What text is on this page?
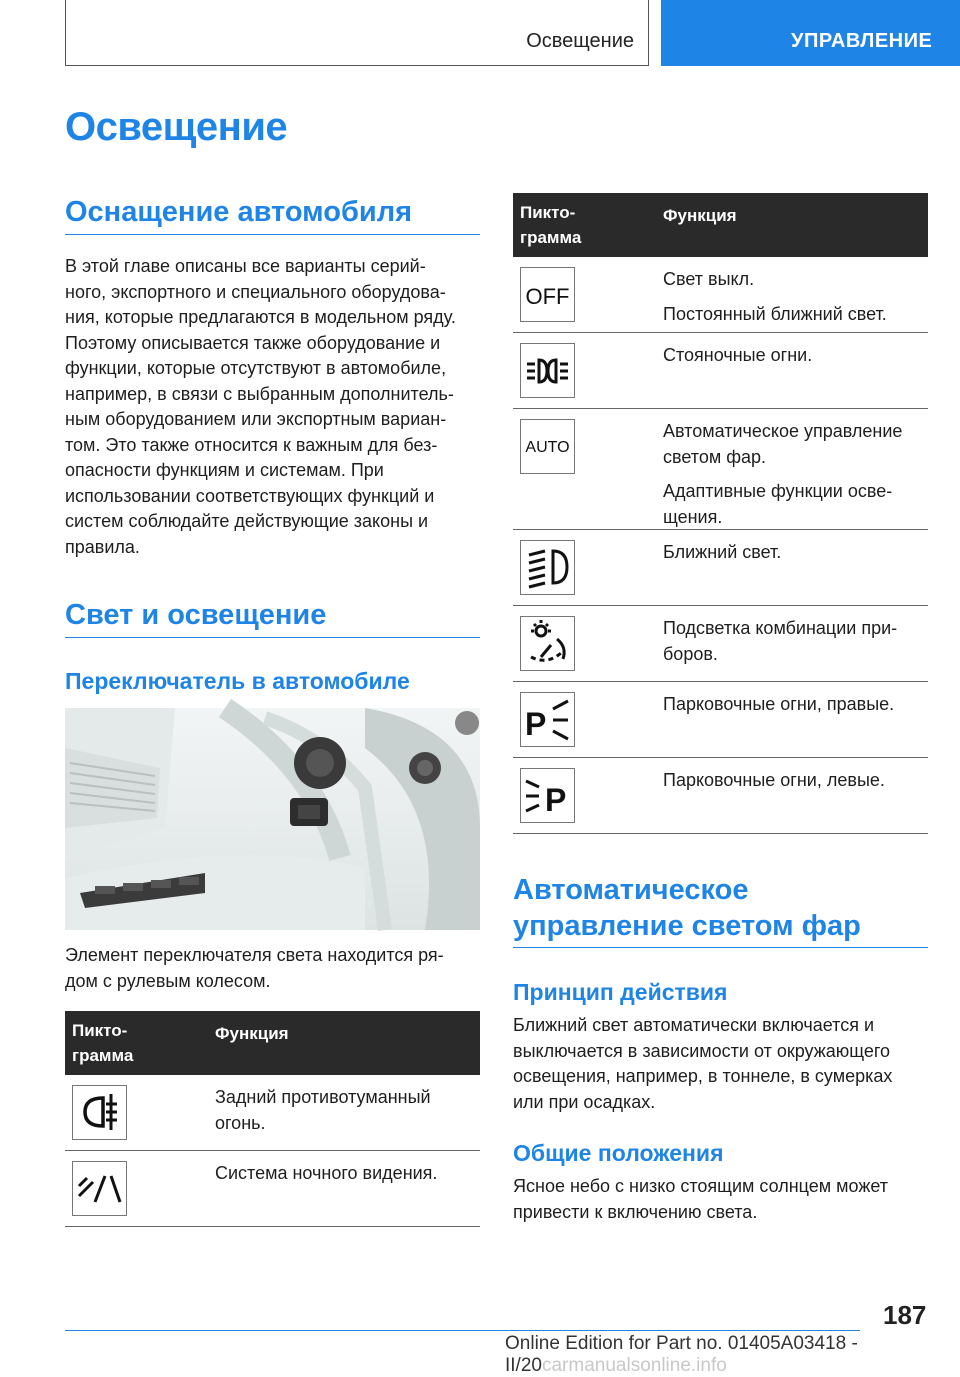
Освещение	УПРАВЛЕНИЕ
Освещение
Оснащение автомобиля
В этой главе описаны все варианты серий-
ного, экспортного и специального оборудова-
ния, которые предлагаются в модельном ряду.
Поэтому описывается также оборудование и
функции, которые отсутствуют в автомобиле,
например, в связи с выбранным дополнитель-
ным оборудованием или экспортным вариан-
том. Это также относится к важным для без-
опасности функциям и системам. При
использовании соответствующих функций и
систем соблюдайте действующие законы и
правила.
Свет и освещение
Переключатель в автомобиле
Элемент переключателя света находится ря-
дом с рулевым колесом.
Пикто-
грамма
Функция
Задний противотуманный
огонь.
Система ночного видения.
Пикто-
грамма
Функция
OFF

Свет выкл.

Постоянный ближний свет.

Стояночные огни.

AUTO

Автоматическое управление
светом фар.

Адаптивные функции осве-
щения.

Ближний свет.

Подсветка комбинации при-
боров.
P

Парковочные огни, правые.

P

Парковочные огни, левые.

Автоматическое
управление светом фар
Принцип действия
Ближний свет автоматически включается и
выключается в зависимости от окружающего
освещения, например, в тоннеле, в сумерках
или при осадках.
Общие положения
Ясное небо с низко стоящим солнцем может
привести к включению света.
187
Online Edition for Part no. 01405A03418 - II/20carmanualsonline.info
